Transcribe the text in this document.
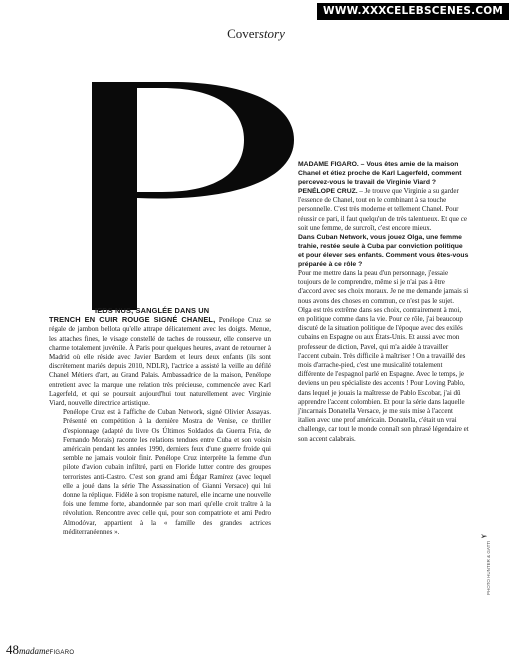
WWW.XXXCELEBSCENES.COM
Coverstory

IEDS NUS, SANGLÉE DANS UN
TRENCH EN CUIR ROUGE SIGNÉ CHANEL, Penélope Cruz se régale de jambon bellota qu'elle attrape délicatement avec les doigts. Menue, les attaches fines, le visage constellé de taches de rousseur, elle conserve un charme totalement juvénile. À Paris pour quelques heures, avant de retourner à Madrid où elle réside avec Javier Bardem et leurs deux enfants (ils sont discrètement mariés depuis 2010, NDLR), l'actrice a assisté la veille au défilé Chanel Métiers d'art, au Grand Palais. Ambassadrice de la maison, Penélope entretient avec la marque une relation très précieuse, commencée avec Karl Lagerfeld, et qui se poursuit aujourd'hui tout naturellement avec Virginie Viard, nouvelle directrice artistique.

Penélope Cruz est à l'affiche de Cuban Network, signé Olivier Assayas. Présenté en compétition à la dernière Mostra de Venise, ce thriller d'espionnage (adapté du livre Os Últimos Soldados da Guerra Fria, de Fernando Morais) raconte les relations tendues entre Cuba et son voisin américain pendant les années 1990, derniers feux d'une guerre froide qui semble ne jamais vouloir finir. Penélope Cruz interprète la femme d'un pilote d'avion cubain infiltré, parti en Floride lutter contre des groupes terroristes anti-Castro. C'est son grand ami Édgar Ramírez (avec lequel elle a joué dans la série The Assassination of Gianni Versace) qui lui donne la réplique. Fidèle à son tropisme naturel, elle incarne une nouvelle fois une femme forte, abandonnée par son mari qu'elle croit traître à la révolution. Rencontre avec celle qui, pour son compatriote et ami Pedro Almodóvar, appartient à la « famille des grandes actrices méditerranéennes ».

MADAME FIGARO. – Vous êtes amie de la maison Chanel et étiez proche de Karl Lagerfeld, comment percevez-vous le travail de Virginie Viard ?

PENÉLOPE CRUZ. – Je trouve que Virginie a su garder l'essence de Chanel, tout en le combinant à sa touche personnelle. C'est très moderne et tellement Chanel. Pour réussir ce pari, il faut quelqu'un de très talentueux. Et que ce soit une femme, de surcroît, c'est encore mieux.

Dans Cuban Network, vous jouez Olga, une femme trahie, restée seule à Cuba par conviction politique et pour élever ses enfants. Comment vous êtes-vous préparée à ce rôle ?

Pour me mettre dans la peau d'un personnage, j'essaie toujours de le comprendre, même si je n'ai pas à être d'accord avec ses choix moraux. Je ne me demande jamais si nous avons des choses en commun, ce n'est pas le sujet. Olga est très extrême dans ses choix, contrairement à moi, en politique comme dans la vie. Pour ce rôle, j'ai beaucoup discuté de la situation politique de l'époque avec des exilés cubains en Espagne ou aux États-Unis. Et aussi avec mon professeur de diction, Pavel, qui m'a aidée à travailler l'accent cubain. Très difficile à maîtriser ! On a travaillé des mois d'arrache-pied, c'est une musicalité totalement différente de l'espagnol parlé en Espagne. Avec le temps, je deviens un peu spécialiste des accents ! Pour Loving Pablo, dans lequel je jouais la maîtresse de Pablo Escobar, j'ai dû apprendre l'accent colombien. Et pour la série dans laquelle j'incarnais Donatella Versace, je me suis mise à l'accent italien avec une prof américain. Donatella, c'était un vrai challenge, car tout le monde connaît son phrasé légendaire et son accent calabrais.

➢
PHOTO HUNTER & GATTI
48madameFIGARO
